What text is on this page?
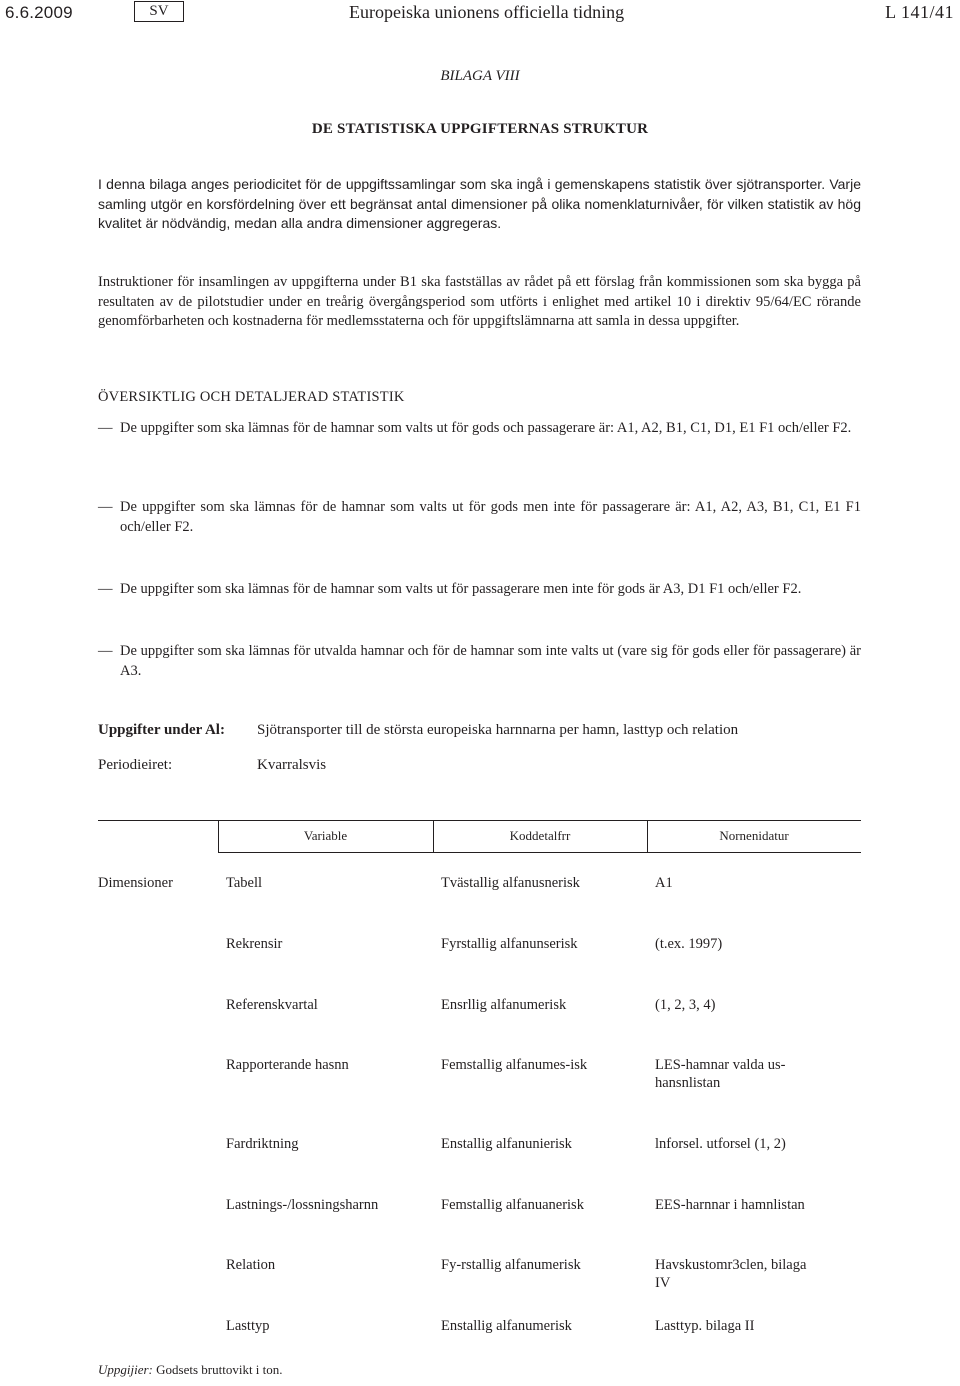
6.6.2009	SV	Europeiska unionens officiella tidning	L 141/41
BILAGA VIII
DE STATISTISKA UPPGIFTERNAS STRUKTUR
I denna bilaga anges periodicitet för de uppgiftssamlingar som ska ingå i gemenskapens statistik över sjötransporter. Varje samling utgör en korsfördelning över ett begränsat antal dimensioner på olika nomenklaturnivåer, för vilken statistik av hög kvalitet är nödvändig, medan alla andra dimensioner aggregeras.
Instruktioner för insamlingen av uppgifterna under B1 ska fastställas av rådet på ett förslag från kommissionen som ska bygga på resultaten av de pilotstudier under en treårig övergångsperiod som utförts i enlighet med artikel 10 i direktiv 95/64/EC rörande genomförbarheten och kostnaderna för medlemsstaterna och för uppgiftslämnarna att samla in dessa uppgifter.
ÖVERSIKTLIG OCH DETALJERAD STATISTIK
— De uppgifter som ska lämnas för de hamnar som valts ut för gods och passagerare är: A1, A2, B1, C1, D1, E1 F1 och/eller F2.
— De uppgifter som ska lämnas för de hamnar som valts ut för gods men inte för passagerare är: A1, A2, A3, B1, C1, E1 F1 och/eller F2.
— De uppgifter som ska lämnas för de hamnar som valts ut för passagerare men inte för gods är A3, D1 F1 och/eller F2.
— De uppgifter som ska lämnas för utvalda hamnar och för de hamnar som inte valts ut (vare sig för gods eller för passagerare) är A3.
Uppgifter under Al: Sjötransporter till de största europeiska harnnarna per hamn, lasttyp och relation
Periodieiret:	Kvarralsvis
Variable	Koddetalfrr	Nornenidatur
Dimensioner	Tabell	Tvästallig alfanusnerisk	A1
Rekrensir	Fyrstallig alfanunserisk	(t.ex. 1997)
Referenskvartal	Ensrllig alfanumerisk	(1, 2, 3, 4)
Rapporterande hasnn	Femstallig alfanumes-isk	LES-hamnar valda us-hansnlistan
Fardriktning	Enstallig alfanunierisk	lnforsel. utforsel (1, 2)
Lastnings-/lossningsharnn	Femstallig alfanuanerisk	EES-harnnar i hamnlistan
Relation	Fy-rstallig alfanumerisk	Havskustomr3clen, bilaga IV
Lasttyp	Enstallig alfanumerisk	Lasttyp. bilaga II
Uppgijier: Godsets bruttovikt i ton.
